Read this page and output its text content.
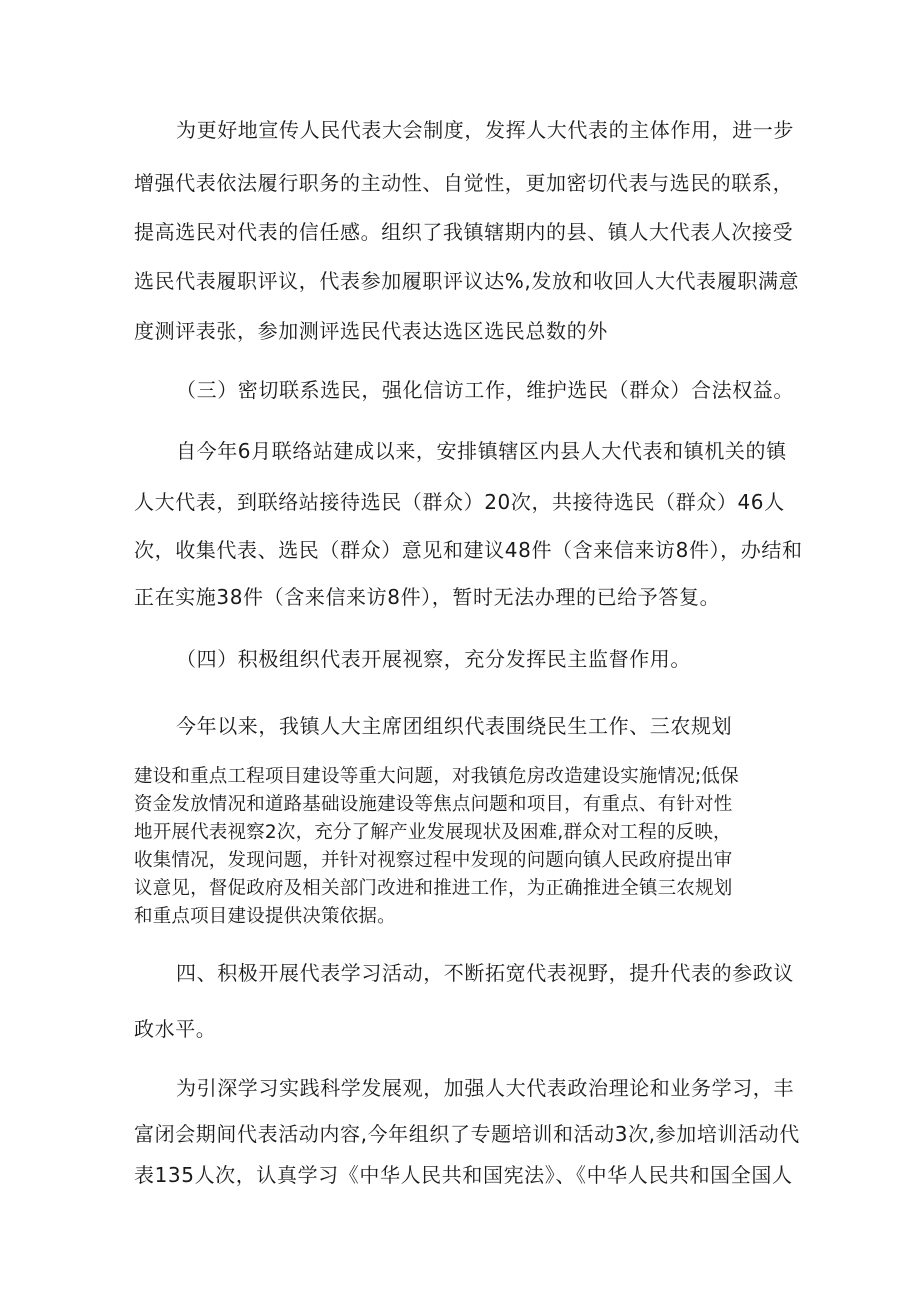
为更好地宣传人民代表大会制度，发挥人大代表的主体作用，进一步
增强代表依法履行职务的主动性、自觉性，更加密切代表与选民的联系，
提高选民对代表的信任感。组织了我镇辖期内的县、镇人大代表人次接受
选民代表履职评议，代表参加履职评议达%,发放和收回人大代表履职满意
度测评表张，参加测评选民代表达选区选民总数的外
（三）密切联系选民，强化信访工作，维护选民（群众）合法权益。
自今年6月联络站建成以来，安排镇辖区内县人大代表和镇机关的镇
人大代表，到联络站接待选民（群众）20次，共接待选民（群众）46人
次，收集代表、选民（群众）意见和建议48件（含来信来访8件），办结和
正在实施38件（含来信来访8件），暂时无法办理的已给予答复。
（四）积极组织代表开展视察，充分发挥民主监督作用。
今年以来，我镇人大主席团组织代表围绕民生工作、三农规划
建设和重点工程项目建设等重大问题，对我镇危房改造建设实施情况;低保
资金发放情况和道路基础设施建设等焦点问题和项目，有重点、有针对性
地开展代表视察2次，充分了解产业发展现状及困难,群众对工程的反映，
收集情况，发现问题，并针对视察过程中发现的问题向镇人民政府提出审
议意见，督促政府及相关部门改进和推进工作，为正确推进全镇三农规划
和重点项目建设提供决策依据。
四、积极开展代表学习活动，不断拓宽代表视野，提升代表的参政议
政水平。
为引深学习实践科学发展观，加强人大代表政治理论和业务学习，丰
富闭会期间代表活动内容,今年组织了专题培训和活动3次,参加培训活动代
表135人次，认真学习《中华人民共和国宪法》、《中华人民共和国全国人
